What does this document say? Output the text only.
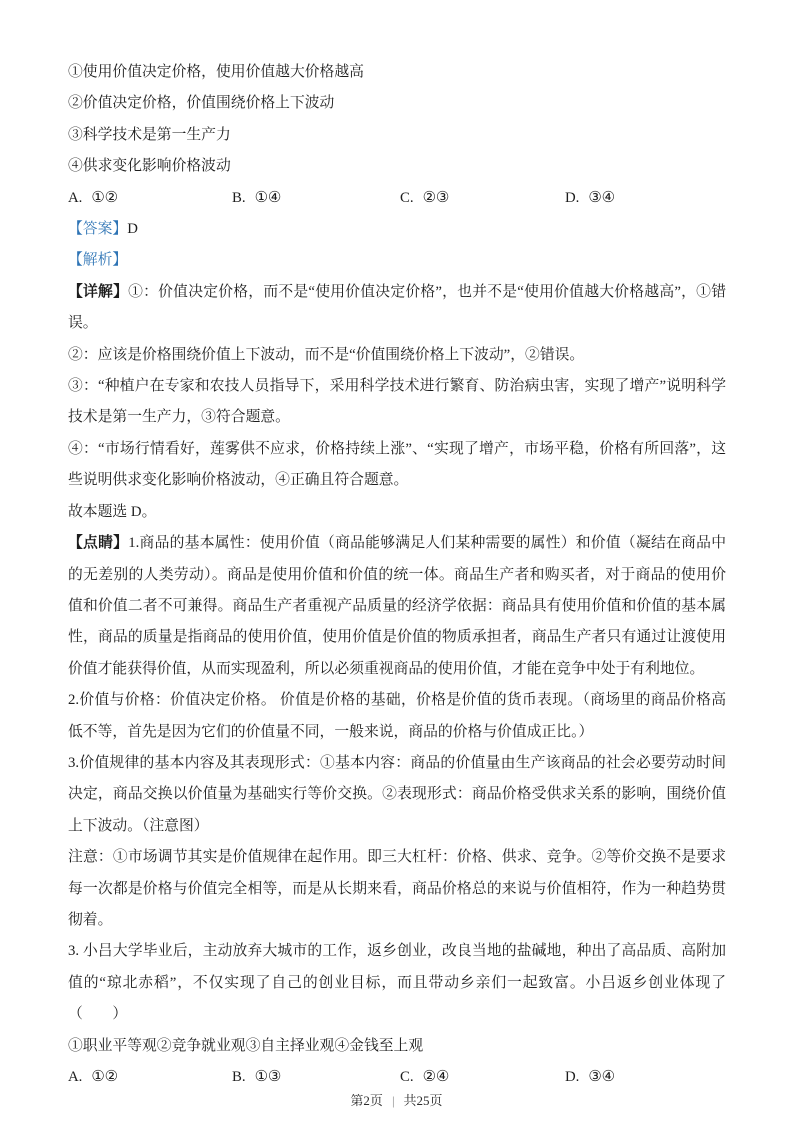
①使用价值决定价格，使用价值越大价格越高

②价值决定价格，价值围绕价格上下波动

③科学技术是第一生产力

④供求变化影响价格波动

A. ①②	B. ①④	C. ②③	D. ③④

【答案】D

【解析】

【详解】①：价值决定价格，而不是“使用价值决定价格”，也并不是“使用价值越大价格越高”，①错误。

②：应该是价格围绕价值上下波动，而不是“价值围绕价格上下波动”，②错误。

③：“种植户在专家和农技人员指导下，采用科学技术进行繁育、防治病虫害，实现了增产”说明科学技术是第一生产力，③符合题意。

④：“市场行情看好，莲雾供不应求，价格持续上涨”、“实现了增产，市场平稳，价格有所回落”，这些说明供求变化影响价格波动，④正确且符合题意。

故本题选 D。

【点睛】1.商品的基本属性：使用价值（商品能够满足人们某种需要的属性）和价值（凝结在商品中的无差别的人类劳动）。商品是使用价值和价值的统一体。商品生产者和购买者，对于商品的使用价值和价值二者不可兼得。商品生产者重视产品质量的经济学依据：商品具有使用价值和价值的基本属性，商品的质量是指商品的使用价值，使用价值是价值的物质承担者，商品生产者只有通过让渡使用价值才能获得价值，从而实现盈利，所以必须重视商品的使用价值，才能在竞争中处于有利地位。

2.价值与价格：价值决定价格。 价值是价格的基础，价格是价值的货币表现。（商场里的商品价格高低不等，首先是因为它们的价值量不同，一般来说，商品的价格与价值成正比。）

3.价值规律的基本内容及其表现形式：①基本内容：商品的价值量由生产该商品的社会必要劳动时间决定，商品交换以价值量为基础实行等价交换。②表现形式：商品价格受供求关系的影响，围绕价值上下波动。（注意图）

注意：①市场调节其实是价值规律在起作用。即三大杠杆：价格、供求、竞争。②等价交换不是要求每一次都是价格与价值完全相等，而是从长期来看，商品价格总的来说与价值相符，作为一种趋势贯彻着。

3. 小吕大学毕业后，主动放弃大城市的工作，返乡创业，改良当地的盐碱地，种出了高品质、高附加值的“琼北赤稻”，不仅实现了自己的创业目标，而且带动乡亲们一起致富。小吕返乡创业体现了（　　）

①职业平等观②竞争就业观③自主择业观④金钱至上观

A. ①②	B. ①③	C. ②④	D. ③④
第2页 | 共25页
